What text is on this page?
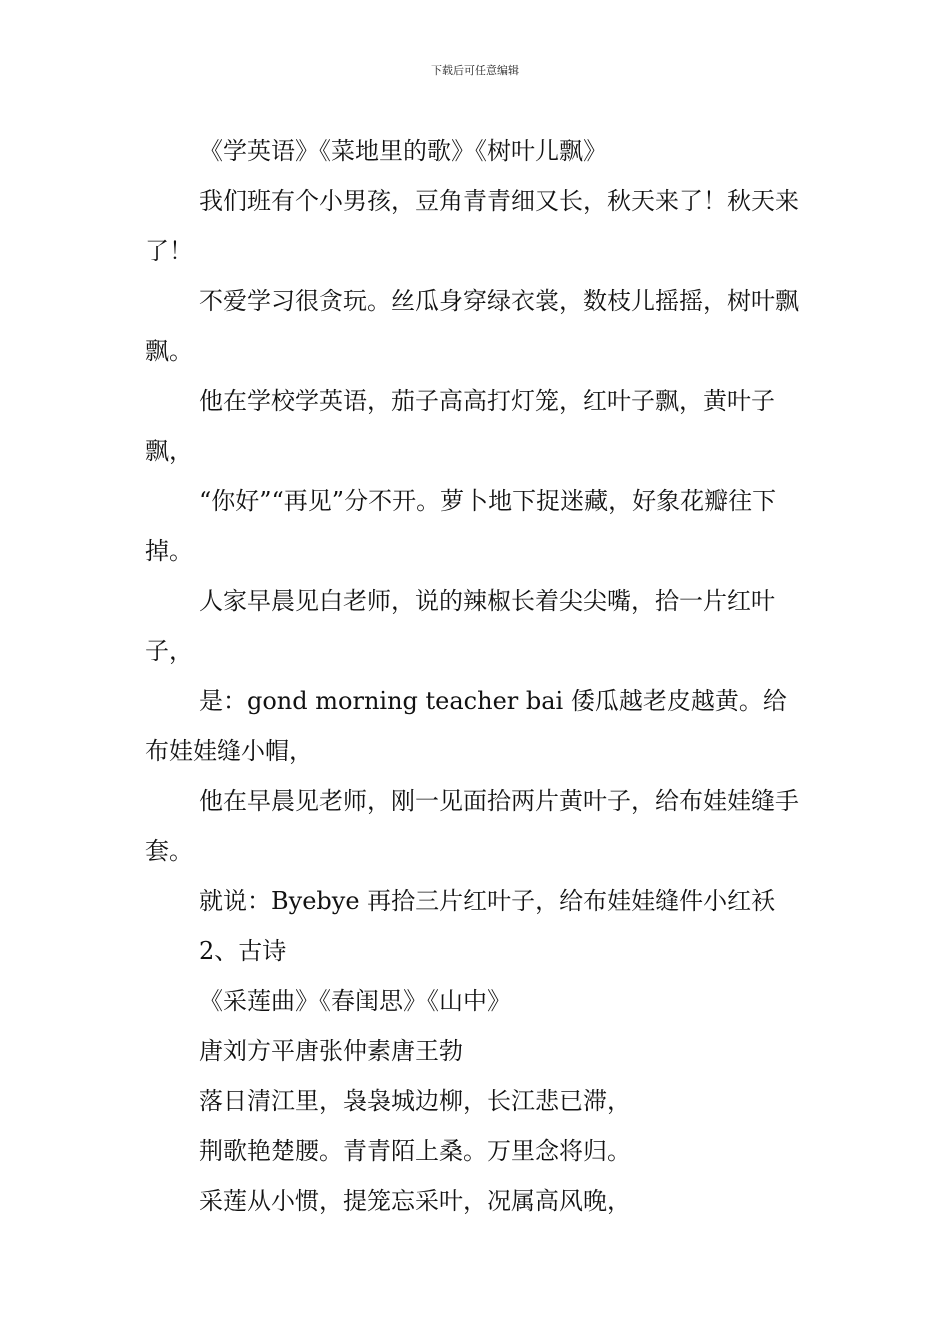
下载后可任意编辑

《学英语》《菜地里的歌》《树叶儿飘》

我们班有个小男孩，豆角青青细又长，秋天来了！秋天来了！

不爱学习很贪玩。丝瓜身穿绿衣裳，数枝儿摇摇，树叶飘飘。

他在学校学英语，茄子高高打灯笼，红叶子飘，黄叶子飘，

“你好”“再见”分不开。萝卜地下捉迷藏，好象花瓣往下掉。

人家早晨见白老师，说的辣椒长着尖尖嘴，拾一片红叶子，

是：gond morning teacher bai 倭瓜越老皮越黄。给布娃娃缝小帽，

他在早晨见老师，刚一见面拾两片黄叶子，给布娃娃缝手套。

就说：Byebye 再拾三片红叶子，给布娃娃缝件小红袄

2、古诗

《采莲曲》《春闺思》《山中》

唐刘方平唐张仲素唐王勃

落日清江里，袅袅城边柳，长江悲已滞，

荆歌艳楚腰。青青陌上桑。万里念将归。

采莲从小惯，提笼忘采叶，况属高风晚，
